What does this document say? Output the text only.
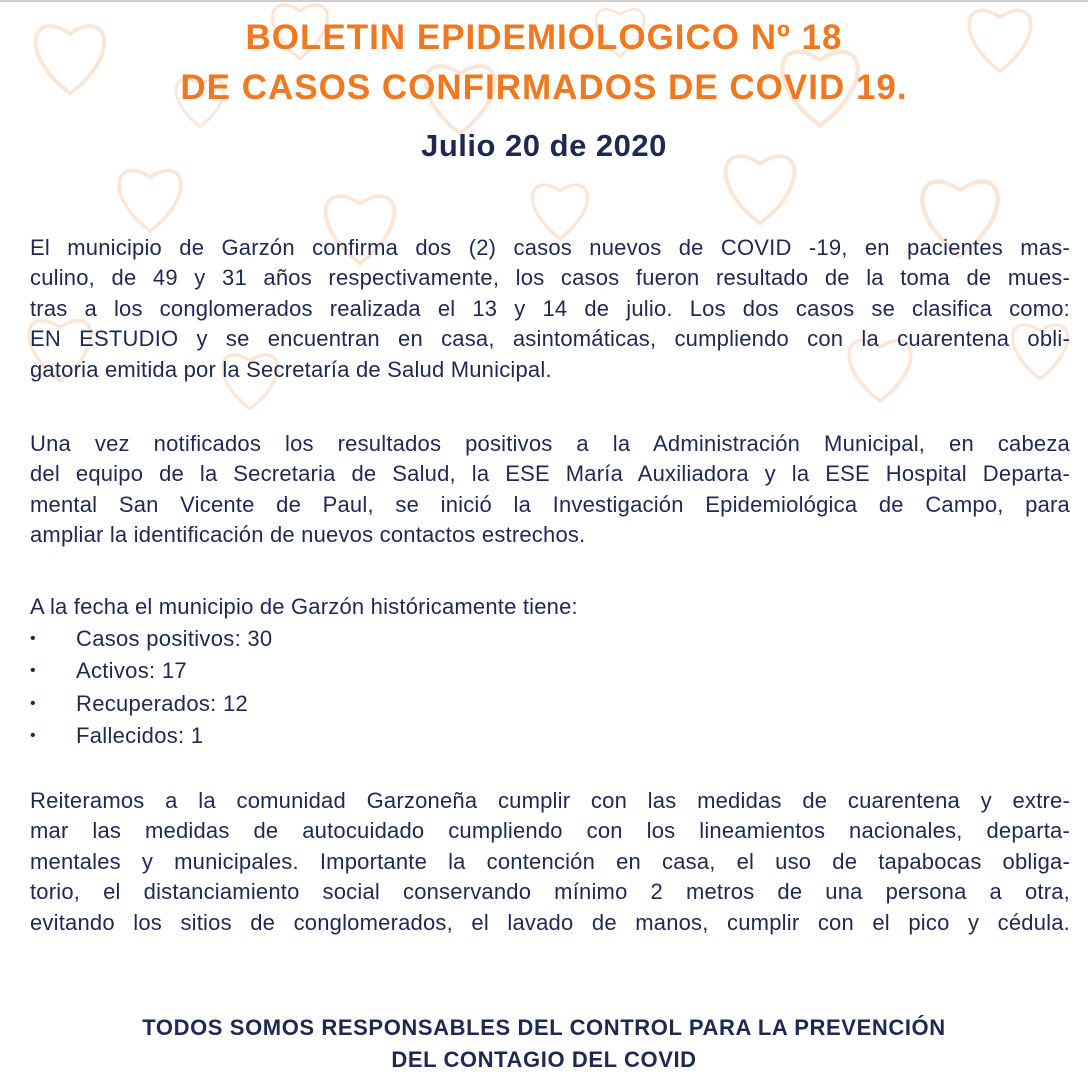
BOLETIN EPIDEMIOLOGICO Nº 18
DE CASOS CONFIRMADOS DE COVID 19.
Julio 20 de 2020
El municipio de Garzón confirma dos (2) casos nuevos de COVID -19, en pacientes mas-
culino, de 49 y 31 años respectivamente, los casos fueron resultado de la toma de mues-
tras a los conglomerados realizada el 13 y 14 de julio. Los dos casos se clasifica como:
EN ESTUDIO y se encuentran en casa, asintomáticas, cumpliendo con la cuarentena obli-
gatoria emitida por la Secretaría de Salud Municipal.
Una vez notificados los resultados positivos a la Administración Municipal, en cabeza
del equipo de la Secretaria de Salud, la ESE María Auxiliadora y la ESE Hospital Departa-
mental San Vicente de Paul, se inició la Investigación Epidemiológica de Campo, para
ampliar la identificación de nuevos contactos estrechos.
A la fecha el municipio de Garzón históricamente tiene:
• Casos positivos: 30
• Activos: 17
• Recuperados: 12
• Fallecidos: 1
Reiteramos a la comunidad Garzoneña cumplir con las medidas de cuarentena y extre-
mar las medidas de autocuidado cumpliendo con los lineamientos nacionales, departa-
mentales y municipales. Importante la contención en casa, el uso de tapabocas obliga-
torio, el distanciamiento social conservando mínimo 2 metros de una persona a otra,
evitando los sitios de conglomerados, el lavado de manos, cumplir con el pico y cédula.
TODOS SOMOS RESPONSABLES DEL CONTROL PARA LA PREVENCIÓN
DEL CONTAGIO DEL COVID
